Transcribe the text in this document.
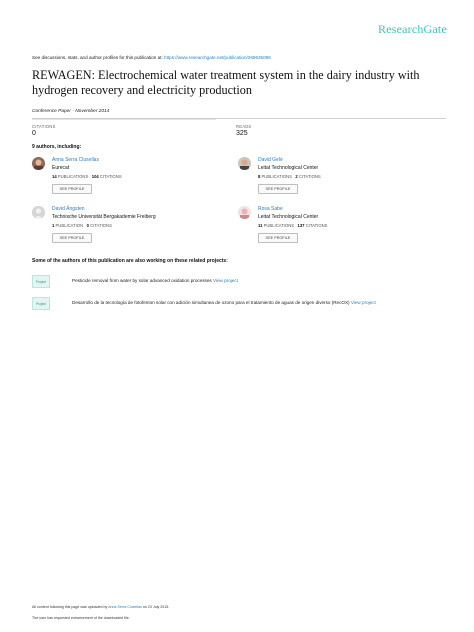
ResearchGate
See discussions, stats, and author profiles for this publication at: https://www.researchgate.net/publication/269635096
REWAGEN: Electrochemical water treatment system in the dairy industry with hydrogen recovery and electricity production
Conference Paper · November 2014
CITATIONS
0
READS
325
9 authors, including:
Anna Serra Clusellas
Eurecat
14 PUBLICATIONS 104 CITATIONS
SEE PROFILE
David Gelé
Leitat Technological Center
8 PUBLICATIONS 2 CITATIONS
SEE PROFILE
David Ängsten
Technische Universität Bergakademie Freiberg
1 PUBLICATION 0 CITATIONS
SEE PROFILE
Rosa Sabe
Leitat Technological Center
11 PUBLICATIONS 137 CITATIONS
SEE PROFILE
Some of the authors of this publication are also working on these related projects:
Project	Pesticide removal from water by solar advanced oxidation processes View project
Project	Desarrollo de la tecnología de fotofenton solar con adición simultanea de ozono para el tratamiento de aguas de origen diverso (RecOX) View project
All content following this page was uploaded by Anna Serra Clusellas on 23 July 2015.
The user has requested enhancement of the downloaded file.
